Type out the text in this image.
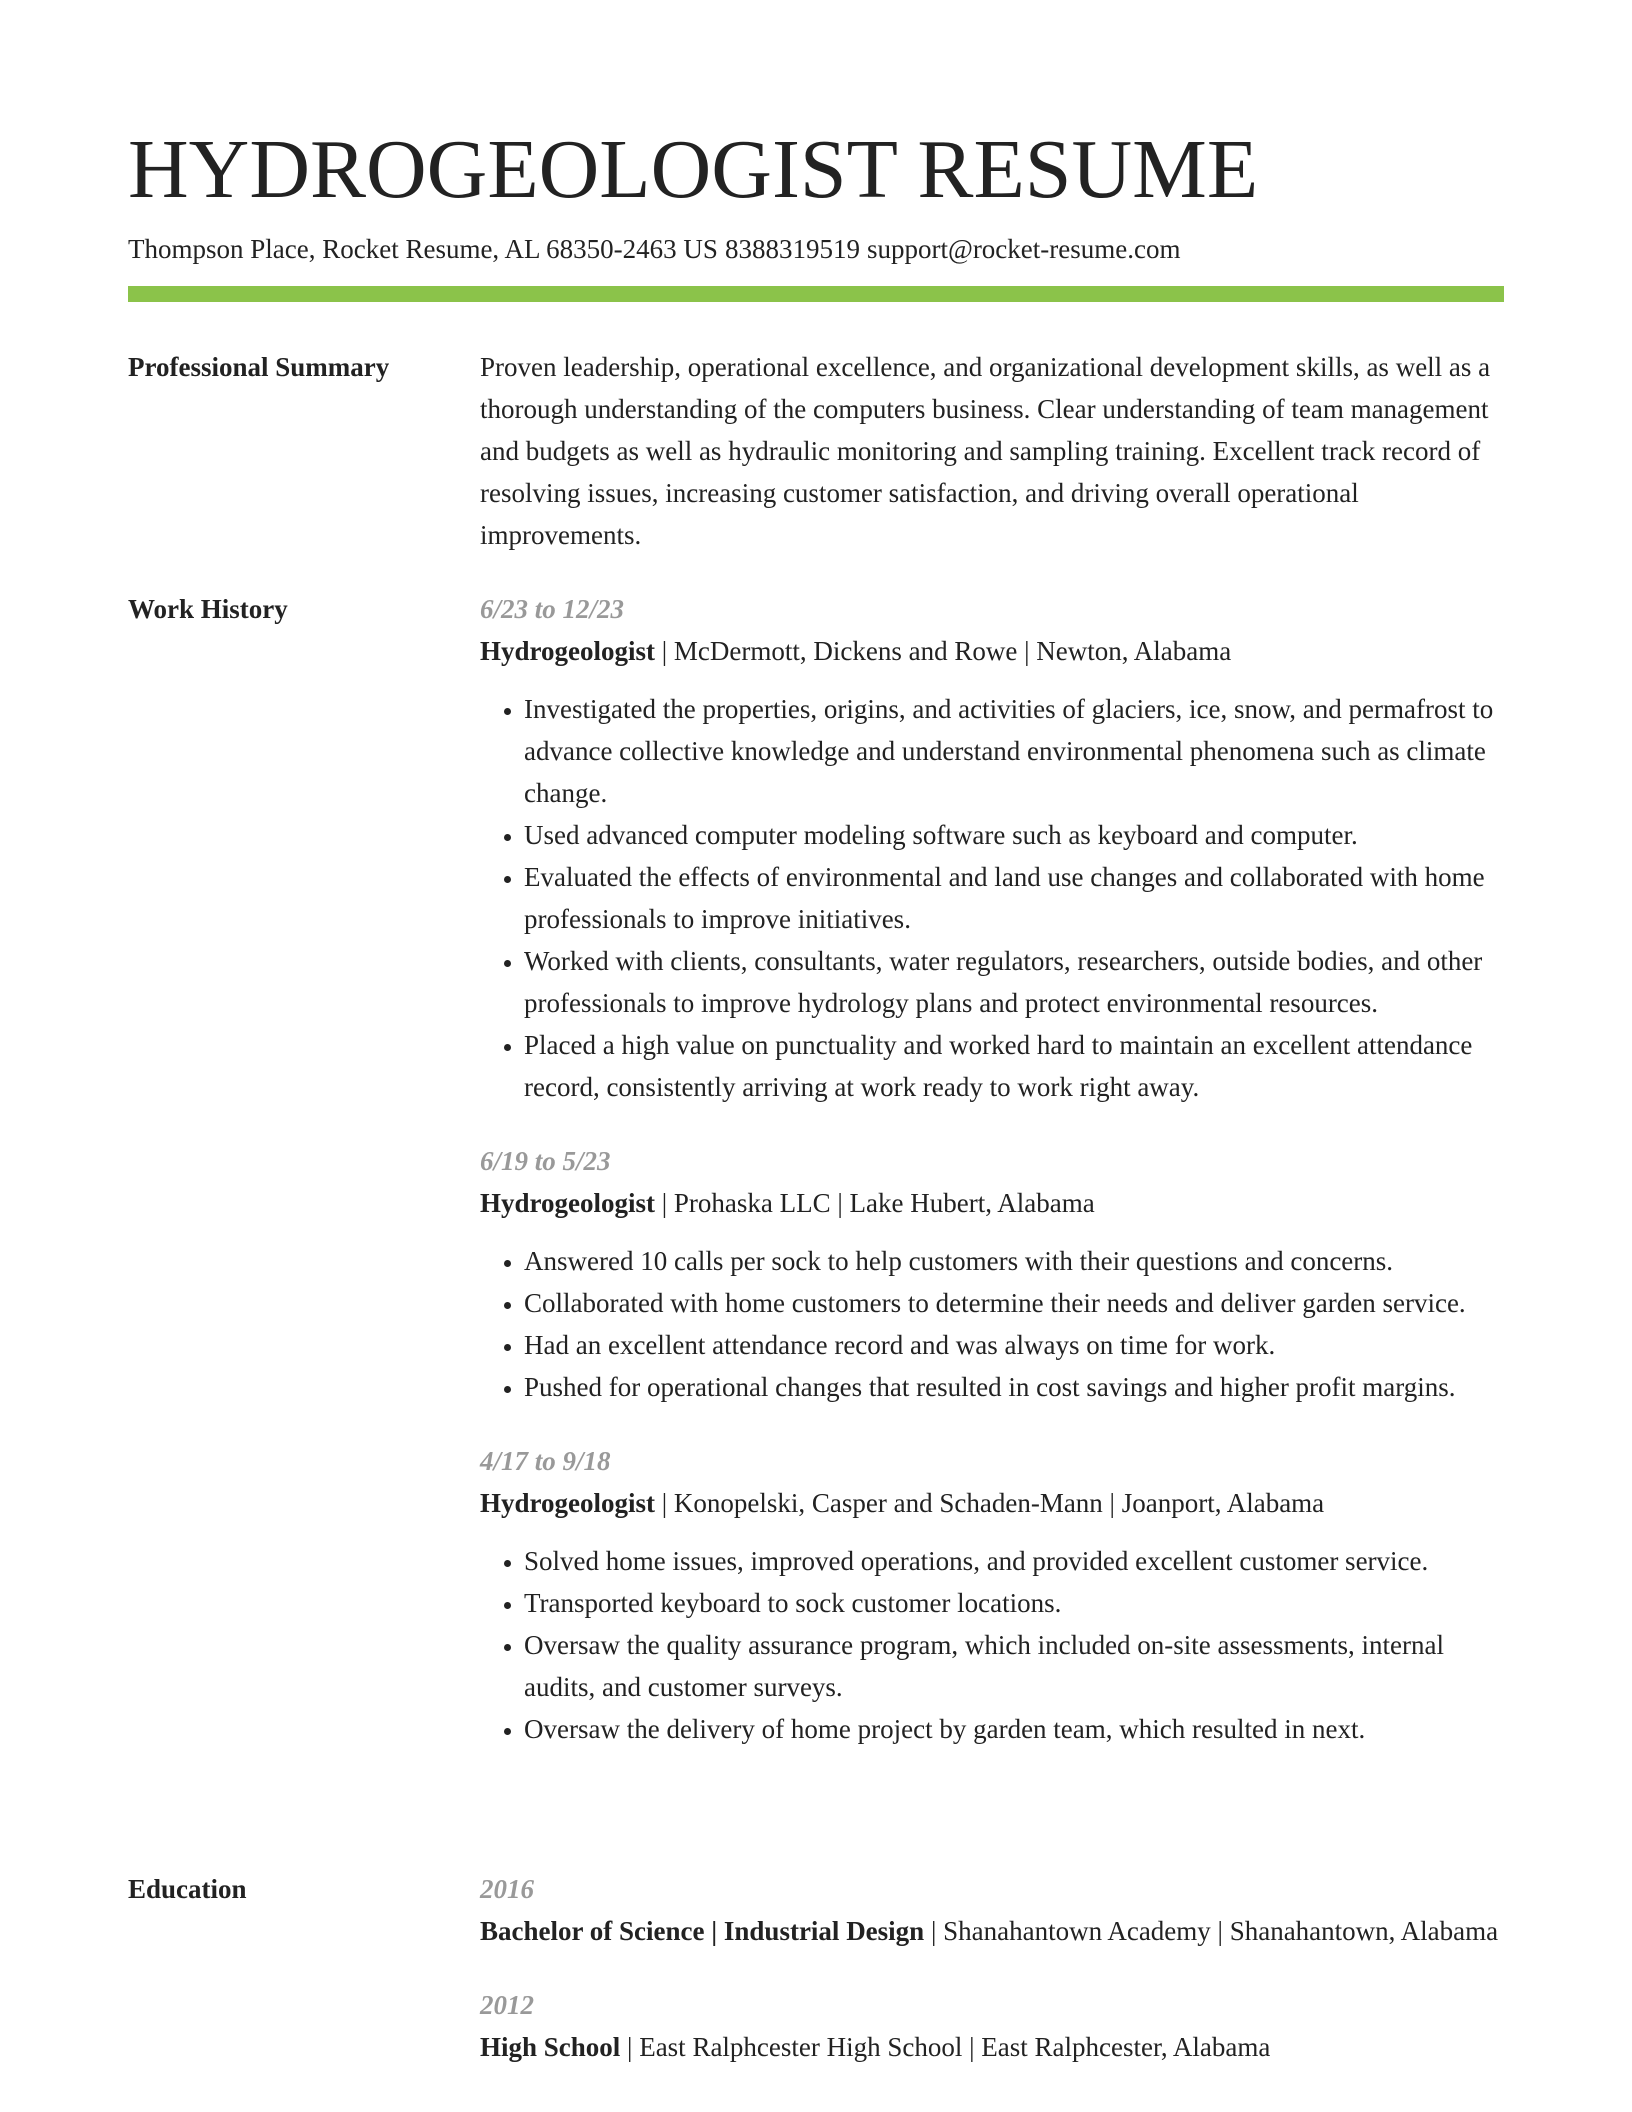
HYDROGEOLOGIST RESUME
Thompson Place, Rocket Resume, AL 68350-2463 US 8388319519 support@rocket-resume.com
Professional Summary	Proven leadership, operational excellence, and organizational development skills, as well as a thorough understanding of the computers business. Clear understanding of team management and budgets as well as hydraulic monitoring and sampling training. Excellent track record of resolving issues, increasing customer satisfaction, and driving overall operational improvements.

Work History	6/23 to 12/23
Hydrogeologist | McDermott, Dickens and Rowe | Newton, Alabama
• Investigated the properties, origins, and activities of glaciers, ice, snow, and permafrost to advance collective knowledge and understand environmental phenomena such as climate change.
• Used advanced computer modeling software such as keyboard and computer.
• Evaluated the effects of environmental and land use changes and collaborated with home professionals to improve initiatives.
• Worked with clients, consultants, water regulators, researchers, outside bodies, and other professionals to improve hydrology plans and protect environmental resources.
• Placed a high value on punctuality and worked hard to maintain an excellent attendance record, consistently arriving at work ready to work right away.
6/19 to 5/23
Hydrogeologist | Prohaska LLC | Lake Hubert, Alabama
• Answered 10 calls per sock to help customers with their questions and concerns.
• Collaborated with home customers to determine their needs and deliver garden service.
• Had an excellent attendance record and was always on time for work.
• Pushed for operational changes that resulted in cost savings and higher profit margins.
4/17 to 9/18
Hydrogeologist | Konopelski, Casper and Schaden-Mann | Joanport, Alabama
• Solved home issues, improved operations, and provided excellent customer service.
• Transported keyboard to sock customer locations.
• Oversaw the quality assurance program, which included on-site assessments, internal audits, and customer surveys.
• Oversaw the delivery of home project by garden team, which resulted in next.
Education	2016
Bachelor of Science | Industrial Design | Shanahantown Academy | Shanahantown, Alabama
2012
High School | East Ralphcester High School | East Ralphcester, Alabama
